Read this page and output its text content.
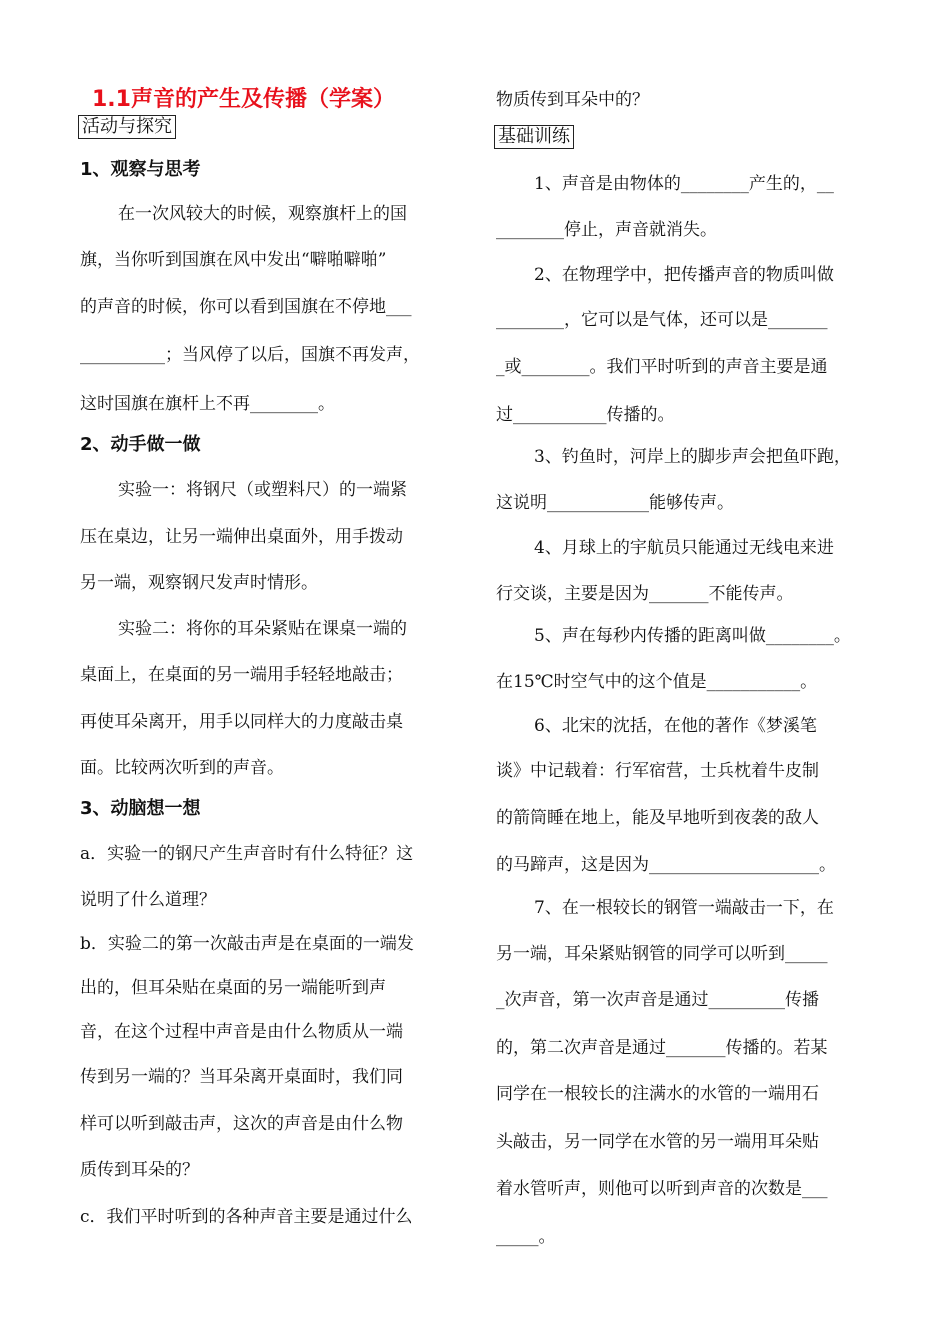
1.1声音的产生及传播（学案）
活动与探究
1、观察与思考
在一次风较大的时候，观察旗杆上的国
旗，当你听到国旗在风中发出“噼啪噼啪”
的声音的时候，你可以看到国旗在不停地___
__________；当风停了以后，国旗不再发声，
这时国旗在旗杆上不再________。
2、动手做一做
实验一：将钢尺（或塑料尺）的一端紧
压在桌边，让另一端伸出桌面外，用手拨动
另一端，观察钢尺发声时情形。
实验二：将你的耳朵紧贴在课桌一端的
桌面上，在桌面的另一端用手轻轻地敲击；
再使耳朵离开，用手以同样大的力度敲击桌
面。比较两次听到的声音。
3、动脑想一想
a．实验一的钢尺产生声音时有什么特征？这
说明了什么道理？
b．实验二的第一次敲击声是在桌面的一端发
出的，但耳朵贴在桌面的另一端能听到声
音，在这个过程中声音是由什么物质从一端
传到另一端的？当耳朵离开桌面时，我们同
样可以听到敲击声，这次的声音是由什么物
质传到耳朵的？
c．我们平时听到的各种声音主要是通过什么
物质传到耳朵中的？
基础训练
1、声音是由物体的________产生的，__
________停止，声音就消失。
2、在物理学中，把传播声音的物质叫做
________，它可以是气体，还可以是_______
_或________。我们平时听到的声音主要是通
过___________传播的。
3、钓鱼时，河岸上的脚步声会把鱼吓跑，
这说明____________能够传声。
4、月球上的宇航员只能通过无线电来进
行交谈，主要是因为_______不能传声。
5、声在每秒内传播的距离叫做________。
在15℃时空气中的这个值是___________。
6、北宋的沈括，在他的著作《梦溪笔
谈》中记载着：行军宿营，士兵枕着牛皮制
的箭筒睡在地上，能及早地听到夜袭的敌人
的马蹄声，这是因为____________________。
7、在一根较长的钢管一端敲击一下，在
另一端，耳朵紧贴钢管的同学可以听到_____
_次声音，第一次声音是通过_________传播
的，第二次声音是通过_______传播的。若某
同学在一根较长的注满水的水管的一端用石
头敲击，另一同学在水管的另一端用耳朵贴
着水管听声，则他可以听到声音的次数是___
_____。
